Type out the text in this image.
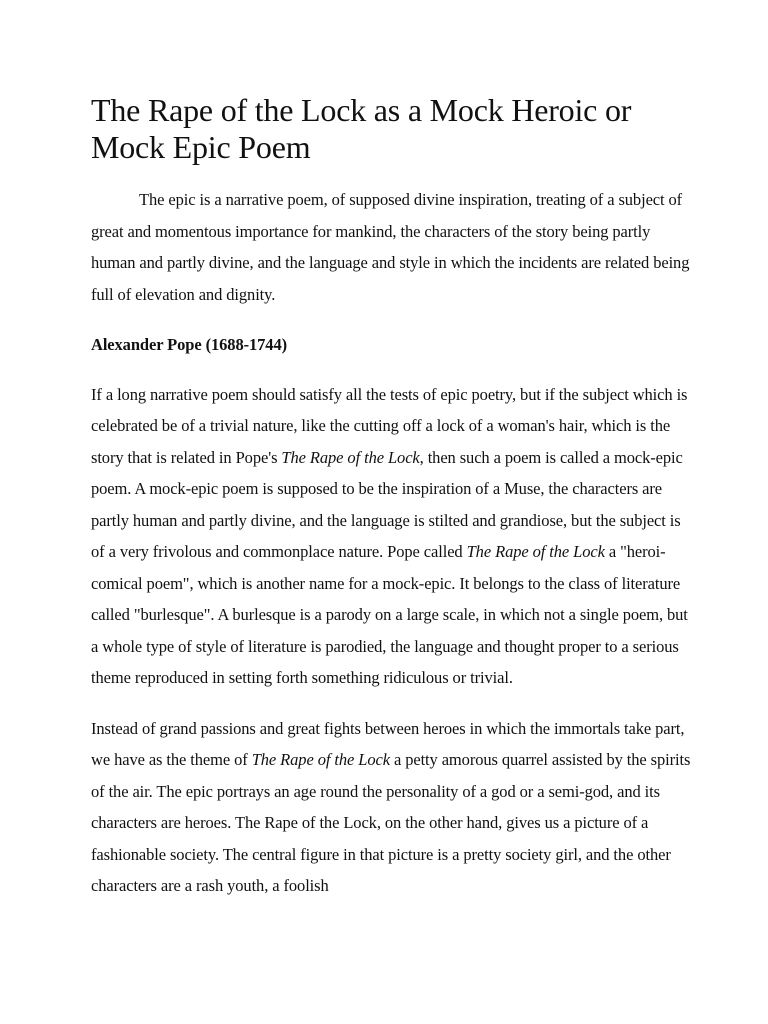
The Rape of the Lock as a Mock Heroic or Mock Epic Poem

The epic is a narrative poem, of supposed divine inspiration, treating of a subject of great and momentous importance for mankind, the characters of the story being partly human and partly divine, and the language and style in which the incidents are related being full of elevation and dignity.

Alexander Pope (1688-1744)

If a long narrative poem should satisfy all the tests of epic poetry, but if the subject which is celebrated be of a trivial nature, like the cutting off a lock of a woman's hair, which is the story that is related in Pope's The Rape of the Lock, then such a poem is called a mock-epic poem. A mock-epic poem is supposed to be the inspiration of a Muse, the characters are partly human and partly divine, and the language is stilted and grandiose, but the subject is of a very frivolous and commonplace nature. Pope called The Rape of the Lock a "heroi-comical poem", which is another name for a mock-epic. It belongs to the class of literature called "burlesque". A burlesque is a parody on a large scale, in which not a single poem, but a whole type of style of literature is parodied, the language and thought proper to a serious theme reproduced in setting forth something ridiculous or trivial.

Instead of grand passions and great fights between heroes in which the immortals take part, we have as the theme of The Rape of the Lock a petty amorous quarrel assisted by the spirits of the air. The epic portrays an age round the personality of a god or a semi-god, and its characters are heroes. The Rape of the Lock, on the other hand, gives us a picture of a fashionable society. The central figure in that picture is a pretty society girl, and the other characters are a rash youth, a foolish
